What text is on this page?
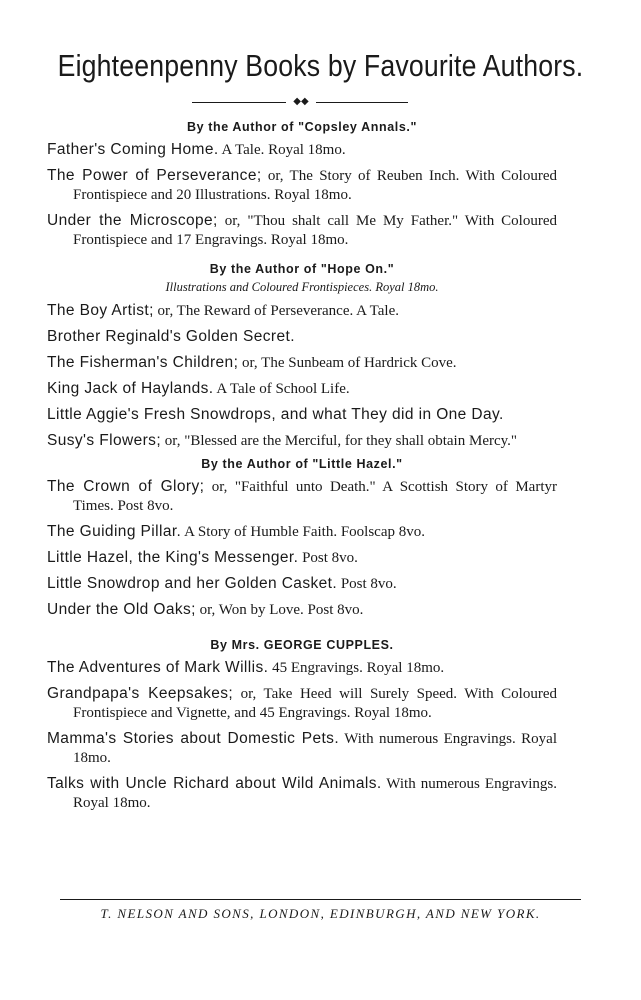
Eighteenpenny Books by Favourite Authors.
◆◆
By the Author of "Copsley Annals."
Father's Coming Home. A Tale. Royal 18mo.
The Power of Perseverance; or, The Story of Reuben Inch. With Coloured Frontispiece and 20 Illustrations. Royal 18mo.
Under the Microscope; or, "Thou shalt call Me My Father." With Coloured Frontispiece and 17 Engravings. Royal 18mo.
By the Author of "Hope On."
Illustrations and Coloured Frontispieces. Royal 18mo.
The Boy Artist; or, The Reward of Perseverance. A Tale.
Brother Reginald's Golden Secret.
The Fisherman's Children; or, The Sunbeam of Hardrick Cove.
King Jack of Haylands. A Tale of School Life.
Little Aggie's Fresh Snowdrops, and what They did in One Day.
Susy's Flowers; or, "Blessed are the Merciful, for they shall obtain Mercy."
By the Author of "Little Hazel."
The Crown of Glory; or, "Faithful unto Death." A Scottish Story of Martyr Times. Post 8vo.
The Guiding Pillar. A Story of Humble Faith. Foolscap 8vo.
Little Hazel, the King's Messenger. Post 8vo.
Little Snowdrop and her Golden Casket. Post 8vo.
Under the Old Oaks; or, Won by Love. Post 8vo.
By Mrs. GEORGE CUPPLES.
The Adventures of Mark Willis. 45 Engravings. Royal 18mo.
Grandpapa's Keepsakes; or, Take Heed will Surely Speed. With Coloured Frontispiece and Vignette, and 45 Engravings. Royal 18mo.
Mamma's Stories about Domestic Pets. With numerous Engravings. Royal 18mo.
Talks with Uncle Richard about Wild Animals. With numerous Engravings. Royal 18mo.
T. NELSON AND SONS, LONDON, EDINBURGH, AND NEW YORK.
